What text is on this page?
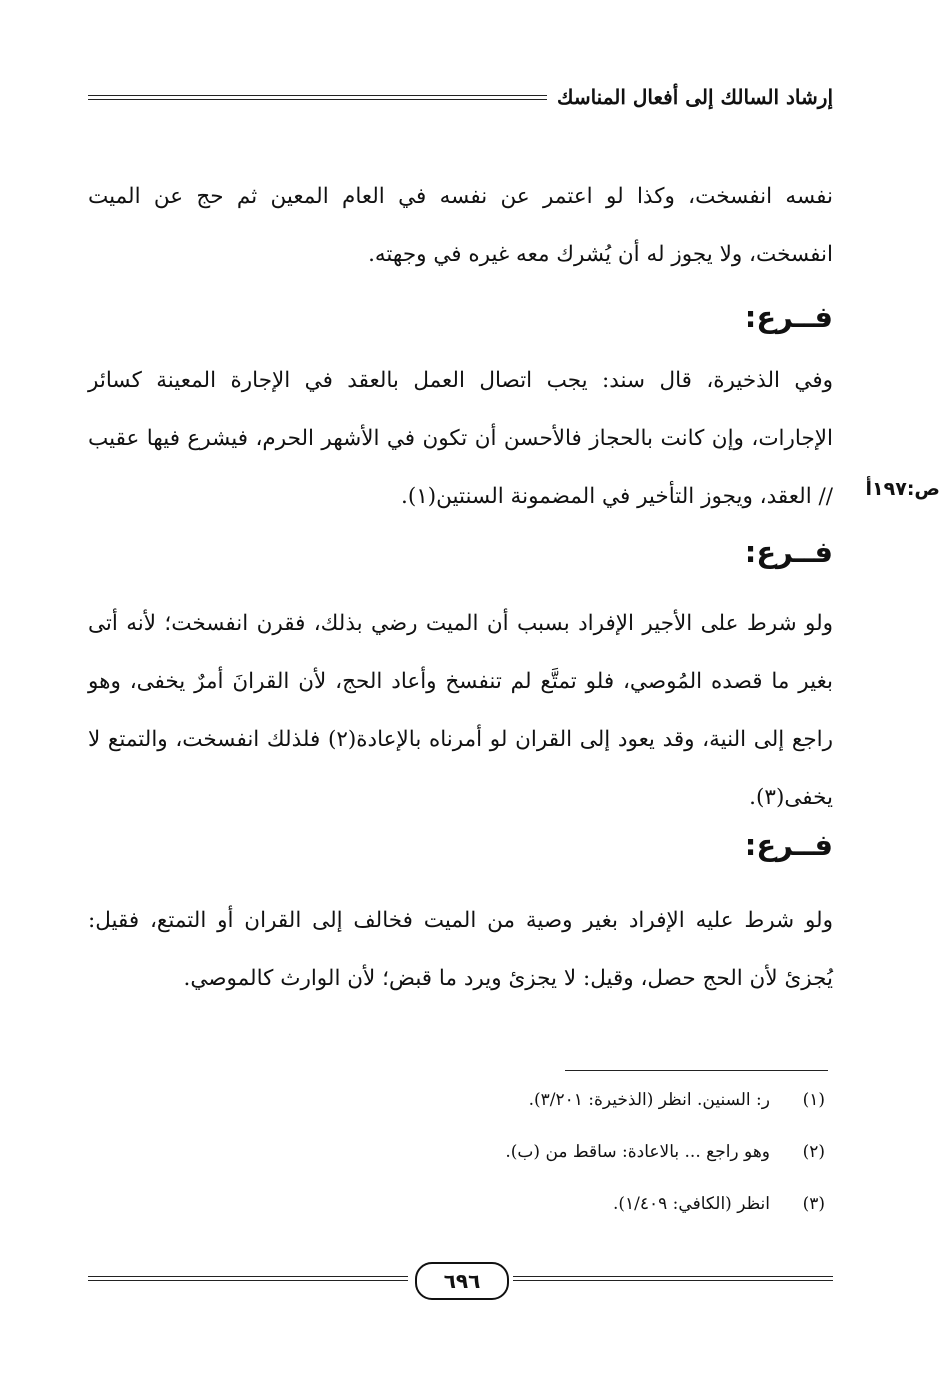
إرشاد السالك إلى أفعال المناسك
نفسه انفسخت، وكذا لو اعتمر عن نفسه في العام المعين ثم حج عن الميت انفسخت، ولا يجوز له أن يُشرك معه غيره في وجهته.
فــرع:
وفي الذخيرة، قال سند: يجب اتصال العمل بالعقد في الإجارة المعينة كسائر الإجارات، وإن كانت بالحجاز فالأحسن أن تكون في الأشهر الحرم، فيشرع فيها عقيب // العقد، ويجوز التأخير في المضمونة السنتين(١).	ص:١٩٧أ
فــرع:
ولو شرط على الأجير الإفراد بسبب أن الميت رضي بذلك، فقرن انفسخت؛ لأنه أتى بغير ما قصده المُوصي، فلو تمتَّع لم تنفسخ وأعاد الحج، لأن القرانَ أمرٌ يخفى، وهو راجع إلى النية، وقد يعود إلى القران لو أمرناه بالإعادة(٢) فلذلك انفسخت، والتمتع لا يخفى(٣).
فــرع:
ولو شرط عليه الإفراد بغير وصية من الميت فخالف إلى القران أو التمتع، فقيل: يُجزئ لأن الحج حصل، وقيل: لا يجزئ ويرد ما قبض؛ لأن الوارث كالموصي.
(١)
ر: السنين. انظر (الذخيرة: ٣/٢٠١).
(٢)
وهو راجع ... بالاعادة: ساقط من (ب).
(٣)
انظر (الكافي: ١/٤٠٩).
٦٩٦
